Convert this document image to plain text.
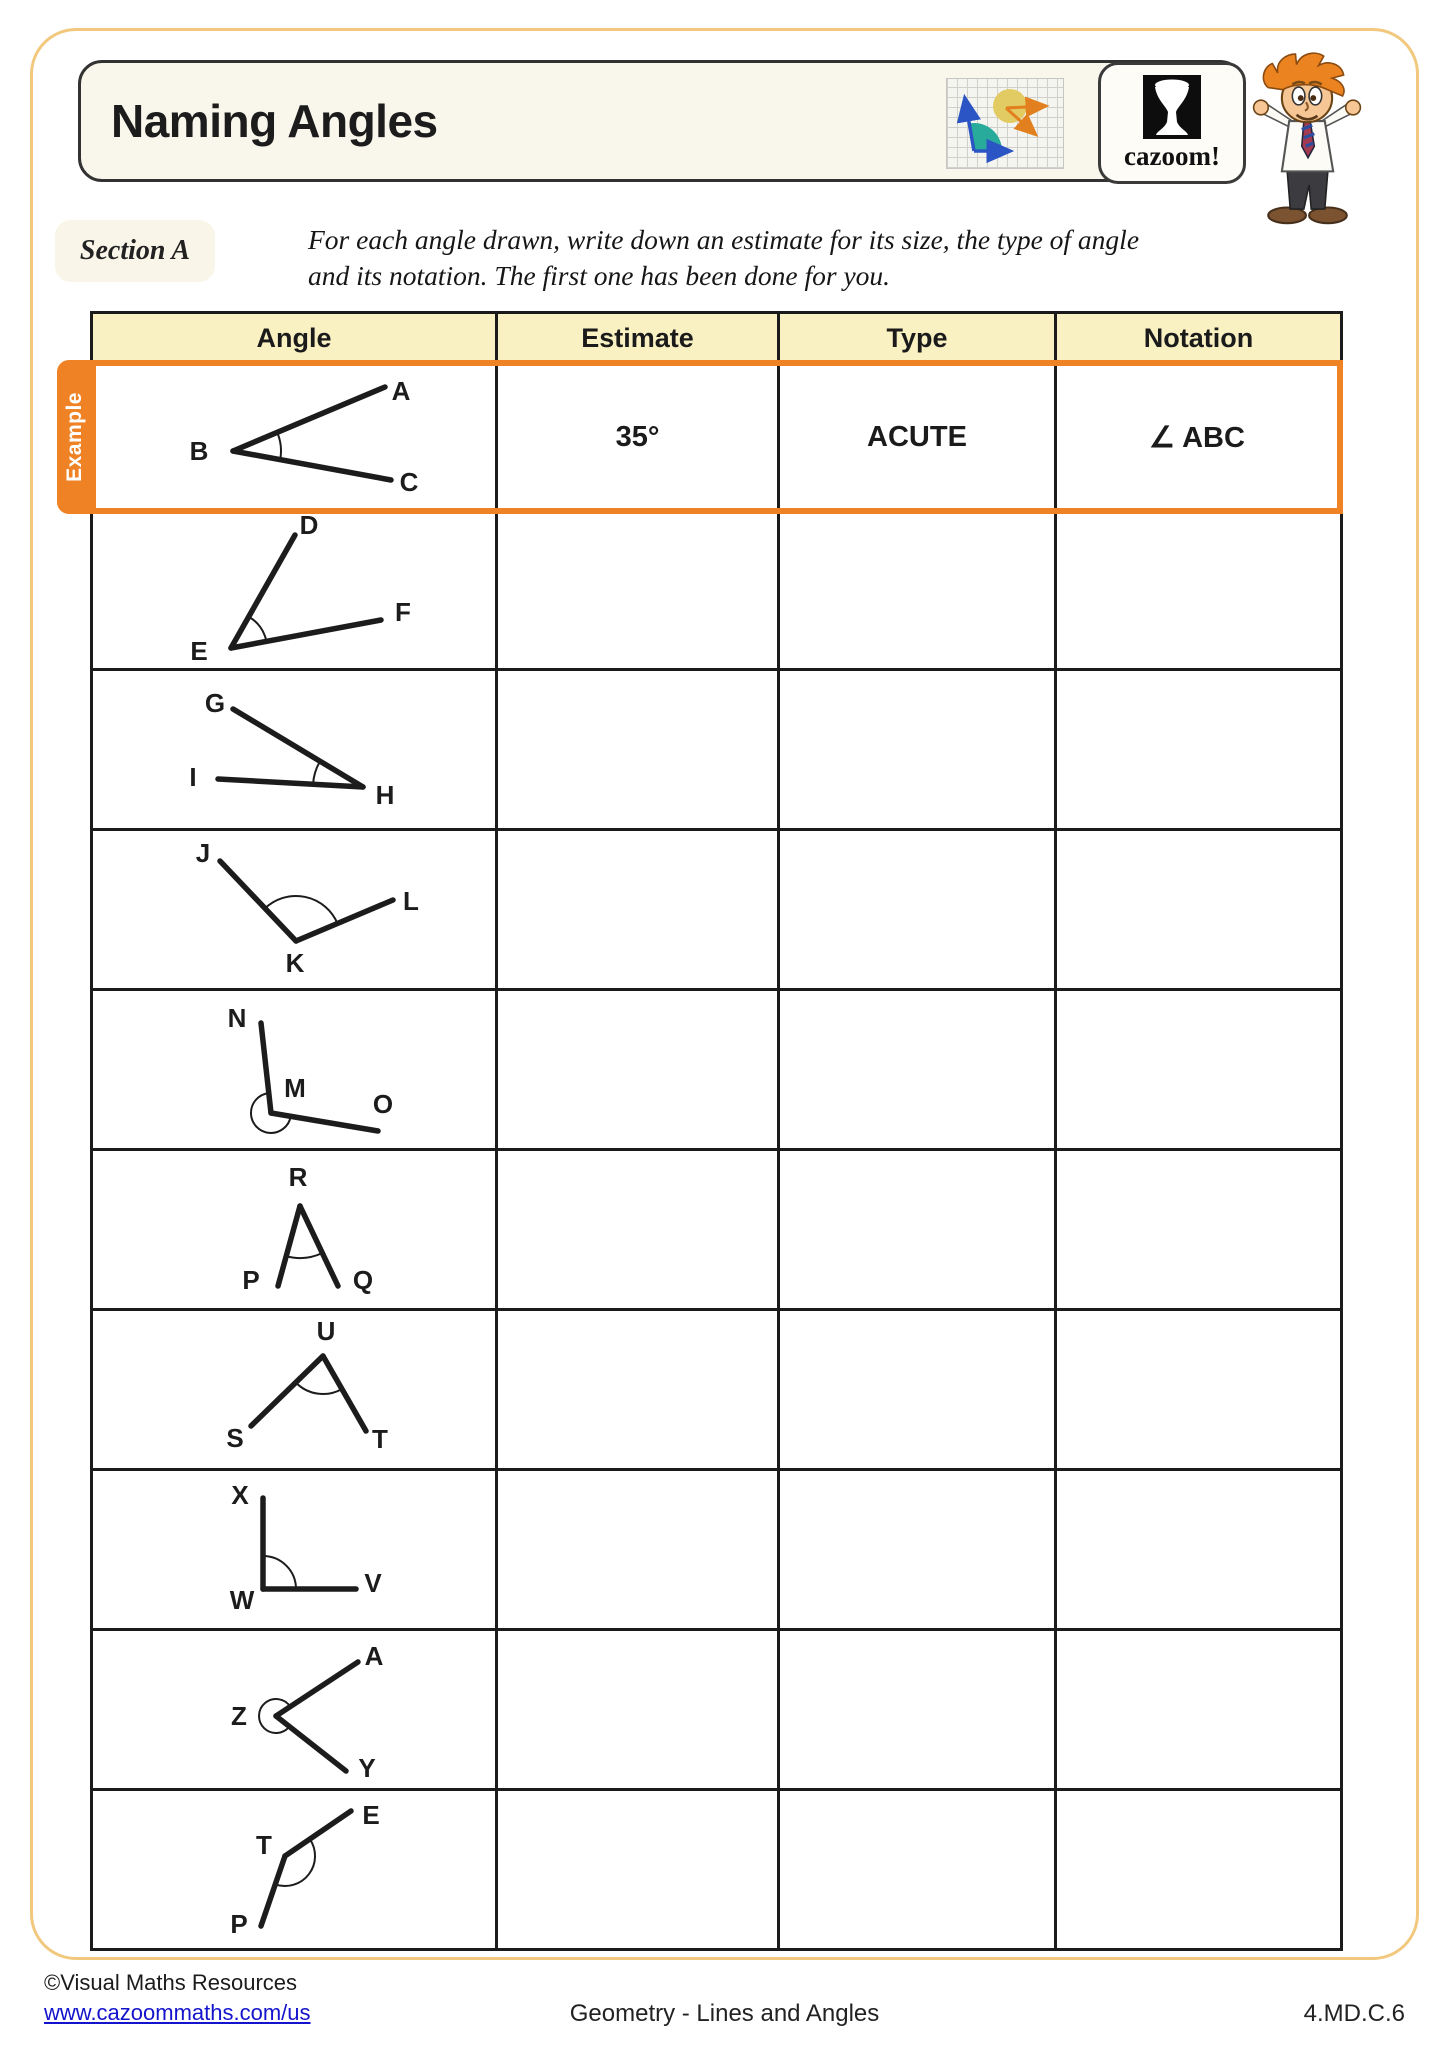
Naming Angles
cazoom!
Section A	For each angle drawn, write down an estimate for its size, the type of angle
and its notation. The first one has been done for you.
Angle	Estimate	Type	Notation
A
B
C
35°	ACUTE	∠ ABC
Example
D
E
F
G
I
H
J
K
L
N
M
O
R
P	Q
U
S	T
X
W
V
A
Z
Y
E
T
P
©Visual Maths Resources
www.cazoommaths.com/us	Geometry - Lines and Angles	4.MD.C.6
